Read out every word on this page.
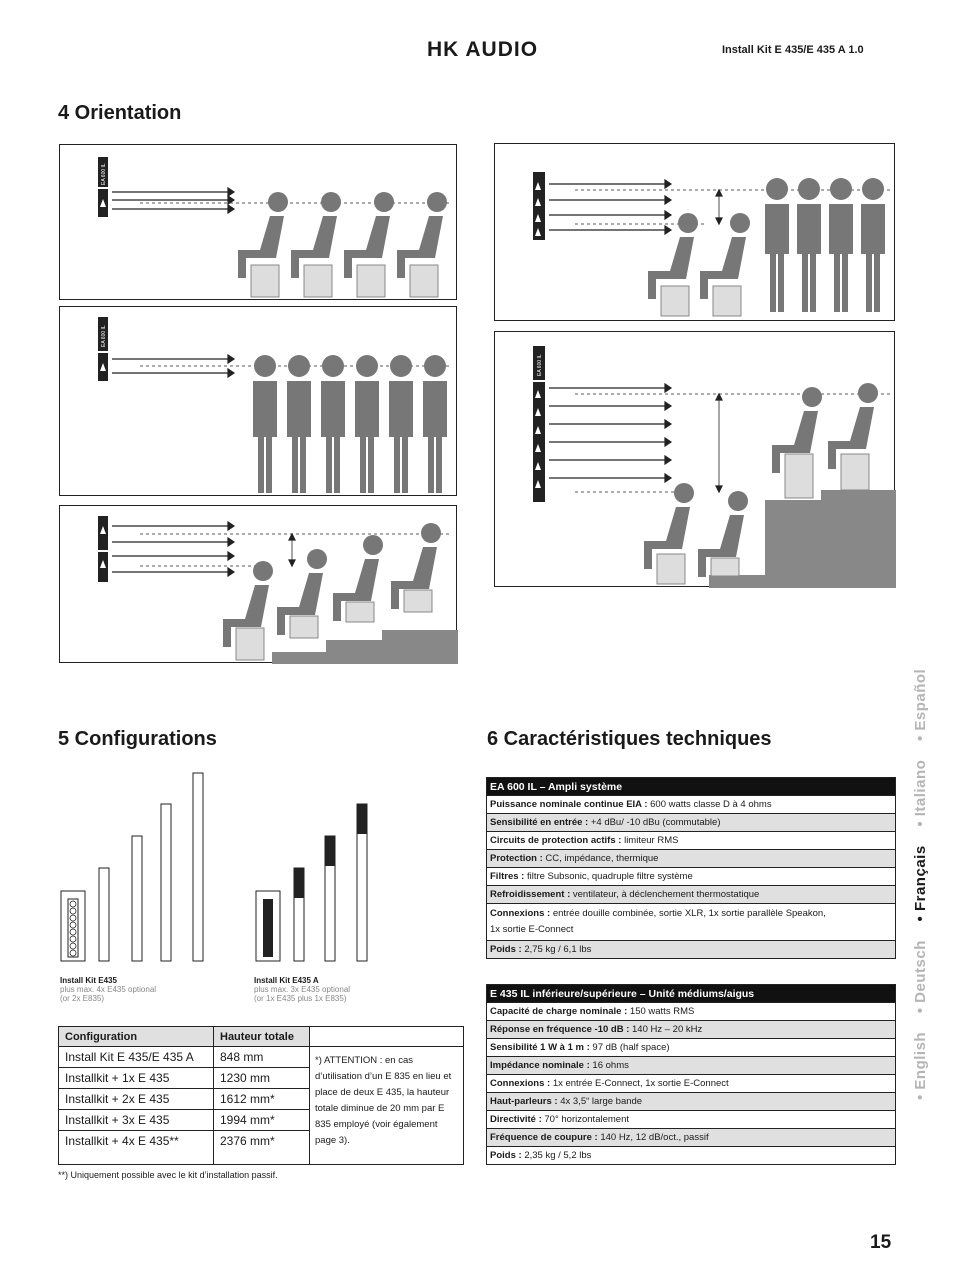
HK AUDIO	Install Kit E 435/E 435 A 1.0
4 Orientation
EA 600 IL
EA 600 IL
EA 600 IL
5 Configurations
Install Kit E435
plus max. 4x E435 optional
(or 2x E835)
Install Kit E435 A
plus max. 3x E435 optional
(or 1x E435 plus 1x E835)
Configuration	Hauteur totale	
Install Kit E 435/E 435 A	848 mm	*) ATTENTION : en cas d’utilisation d’un E 835 en lieu et place de deux E 435, la hauteur totale diminue de 20 mm par E 835 employé (voir également page 3).
Installkit + 1x E 435	1230 mm	
Installkit + 2x E 435	1612 mm*	
Installkit + 3x E 435	1994 mm*	
Installkit + 4x E 435**	2376 mm*	
**) Uniquement possible avec le kit d’installation passif.
6 Caractéristiques techniques
EA 600 IL – Ampli système
Puissance nominale continue EIA : 600 watts classe D à 4 ohms
Sensibilité en entrée : +4 dBu/ -10 dBu (commutable)
Circuits de protection actifs : limiteur RMS
Protection : CC, impédance, thermique
Filtres : filtre Subsonic, quadruple filtre système
Refroidissement : ventilateur, à déclenchement thermostatique
Connexions : entrée douille combinée, sortie XLR, 1x sortie parallèle Speakon,
1x sortie E-Connect
Poids : 2,75 kg / 6,1 lbs
E 435 IL inférieure/supérieure – Unité médiums/aigus
Capacité de charge nominale : 150 watts RMS
Réponse en fréquence -10 dB : 140 Hz – 20 kHz
Sensibilité 1 W à 1 m : 97 dB (half space)
Impédance nominale : 16 ohms
Connexions : 1x entrée E-Connect, 1x sortie E-Connect
Haut-parleurs : 4x 3,5“ large bande
Directivité : 70° horizontalement
Fréquence de coupure : 140 Hz, 12 dB/oct., passif
Poids : 2,35 kg / 5,2 lbs
• English • Deutsch • Français • Italiano • Español
15
